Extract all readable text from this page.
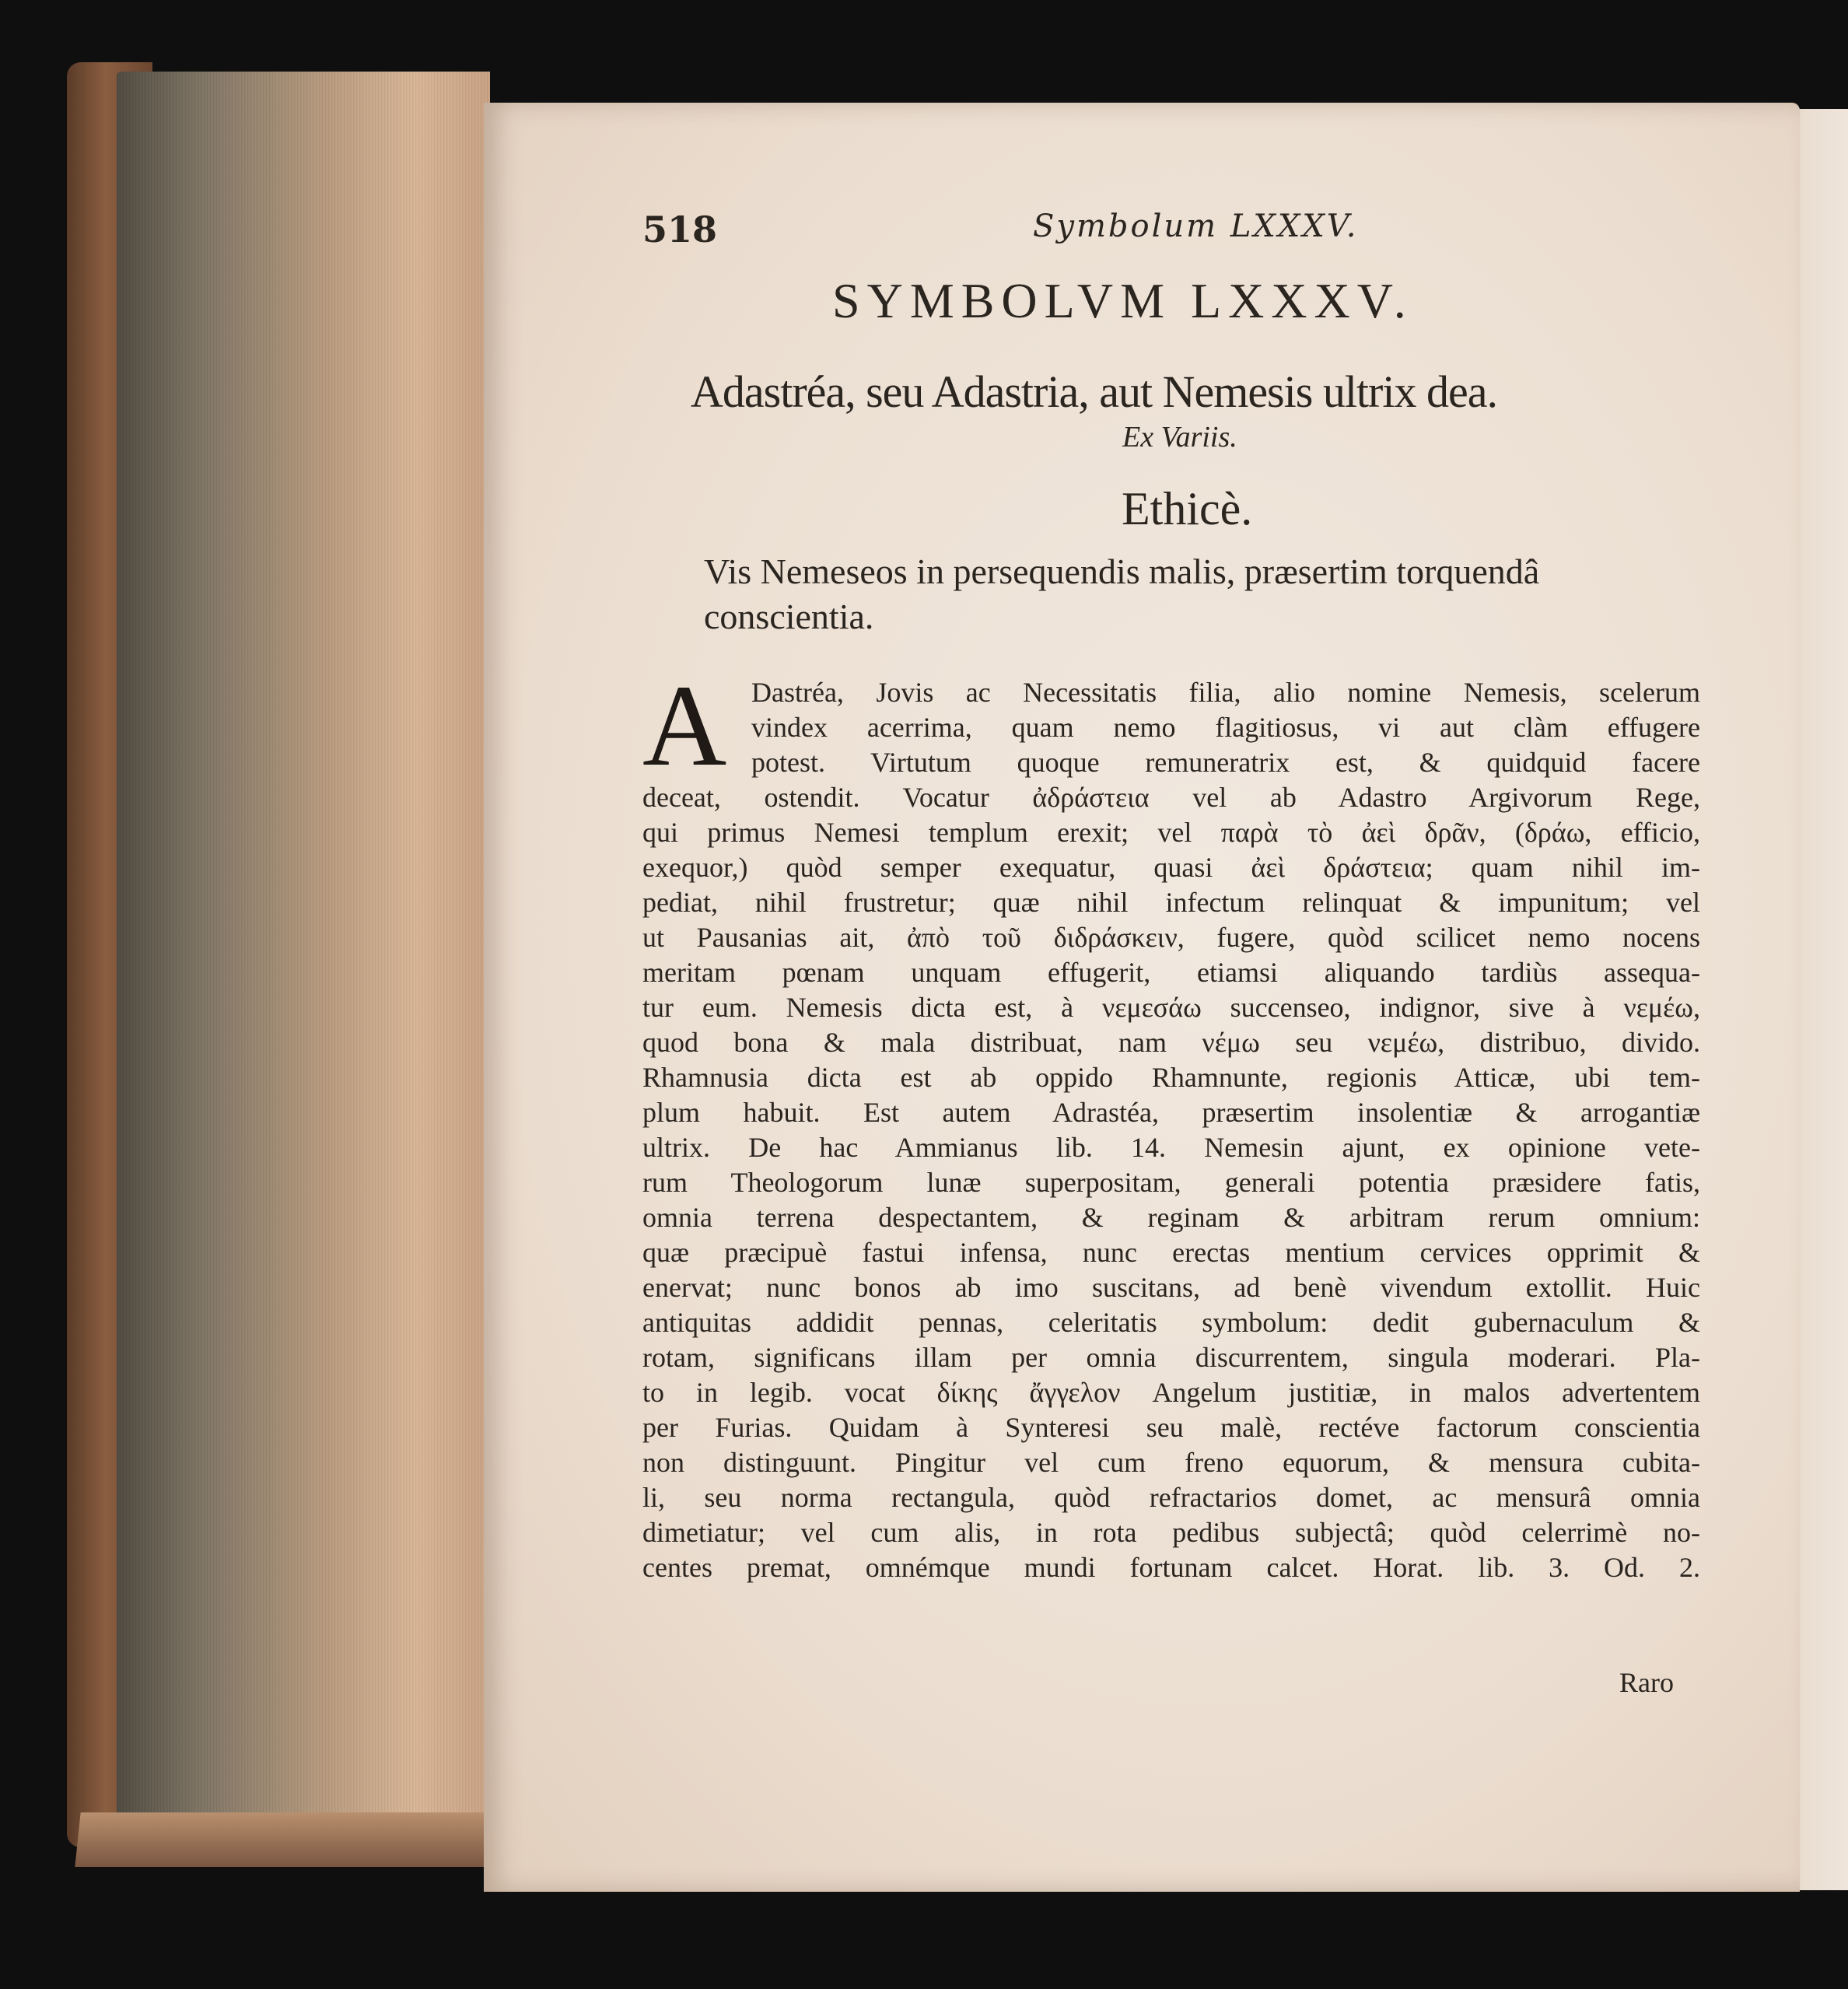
518	Symbolum LXXXV.
SYMBOLVM LXXXV.
Adastréa, seu Adastria, aut Nemesis ultrix dea.
Ex Variis.
Ethicè.
Vis Nemeseos in persequendis malis, præsertim torquendâ conscientia.
A Dastréa, Jovis ac Necessitatis filia, alio nomine Nemesis, scelerum
vindex acerrima, quam nemo flagitiosus, vi aut clàm effugere
potest. Virtutum quoque remuneratrix est, & quidquid facere
deceat, ostendit. Vocatur ἀδράστεια vel ab Adastro Argivorum Rege,
qui primus Nemesi templum erexit; vel παρὰ τὸ ἀεὶ δρᾶν, (δράω, efficio,
exequor,) quòd semper exequatur, quasi ἀεὶ δράστεια; quam nihil im-
pediat, nihil frustretur; quæ nihil infectum relinquat & impunitum; vel
ut Pausanias ait, ἀπὸ τοῦ διδράσκειν, fugere, quòd scilicet nemo nocens
meritam pœnam unquam effugerit, etiamsi aliquando tardiùs assequa-
tur eum. Nemesis dicta est, à νεμεσάω succenseo, indignor, sive à νεμέω,
quod bona & mala distribuat, nam νέμω seu νεμέω, distribuo, divido.
Rhamnusia dicta est ab oppido Rhamnunte, regionis Atticæ, ubi tem-
plum habuit. Est autem Adrastéa, præsertim insolentiæ & arrogantiæ
ultrix. De hac Ammianus lib. 14. Nemesin ajunt, ex opinione vete-
rum Theologorum lunæ superpositam, generali potentia præsidere fatis,
omnia terrena despectantem, & reginam & arbitram rerum omnium:
quæ præcipuè fastui infensa, nunc erectas mentium cervices opprimit &
enervat; nunc bonos ab imo suscitans, ad benè vivendum extollit. Huic
antiquitas addidit pennas, celeritatis symbolum: dedit gubernaculum &
rotam, significans illam per omnia discurrentem, singula moderari. Pla-
to in legib. vocat δίκης ἄγγελον Angelum justitiæ, in malos advertentem
per Furias. Quidam à Synteresi seu malè, rectéve factorum conscientia
non distinguunt. Pingitur vel cum freno equorum, & mensura cubita-
li, seu norma rectangula, quòd refractarios domet, ac mensurâ omnia
dimetiatur; vel cum alis, in rota pedibus subjectâ; quòd celerrimè no-
centes premat, omnémque mundi fortunam calcet. Horat. lib. 3. Od. 2.
Raro
